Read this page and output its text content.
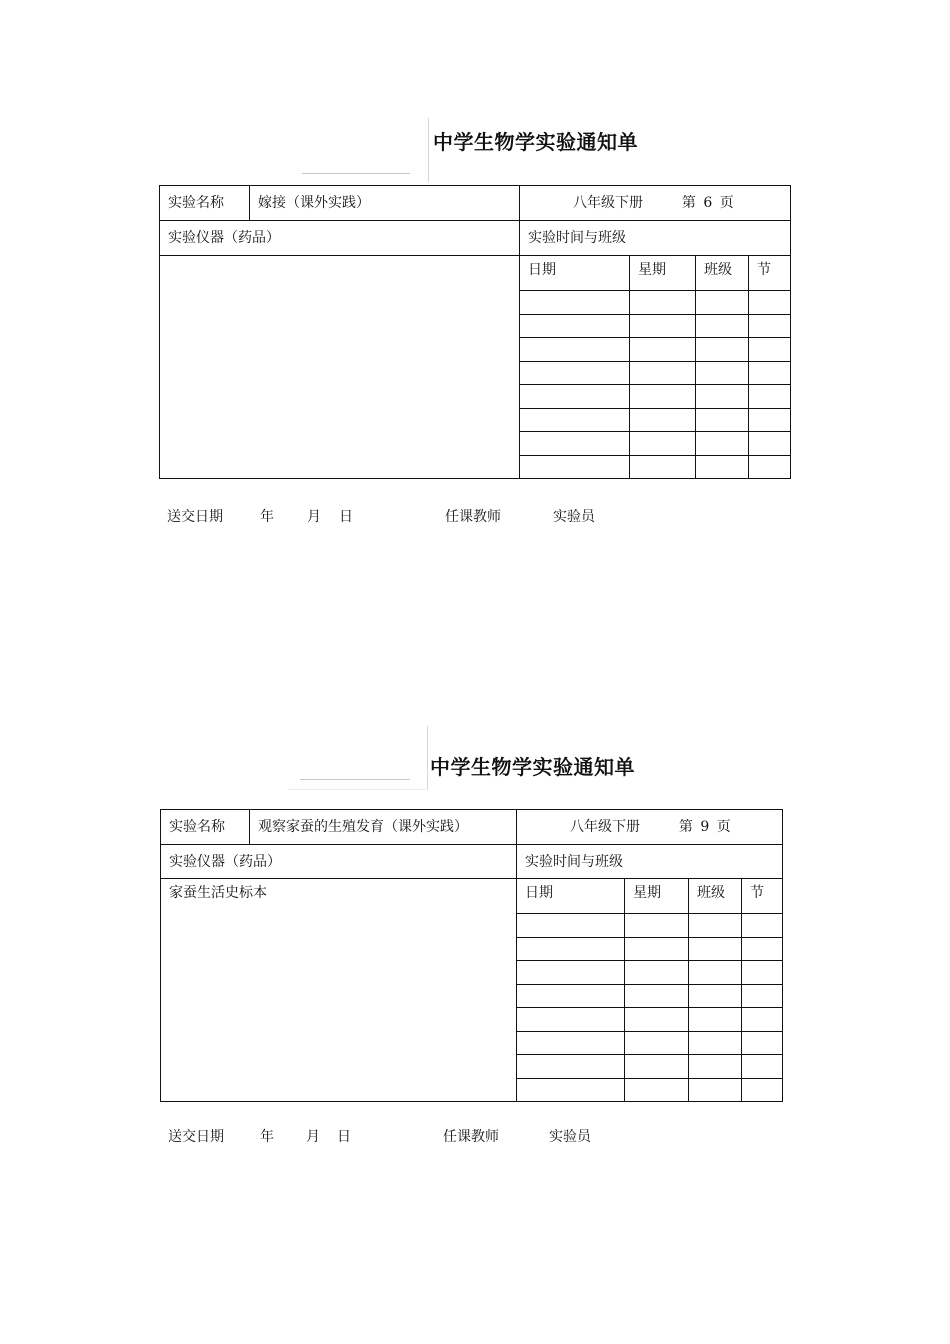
中学生物学实验通知单
实验名称	嫁接（课外实践）	八年级下册 第 6 页			
实验仪器（药品）		实验时间与班级			
		日期	星期	班级	节

送交日期	年 月 日	任课教师	实验员
中学生物学实验通知单
实验名称	观察家蚕的生殖发育（课外实践）	八年级下册 第 9 页			
实验仪器（药品）		实验时间与班级			
家蚕生活史标本		日期	星期	班级	节

送交日期	年 月 日	任课教师	实验员
